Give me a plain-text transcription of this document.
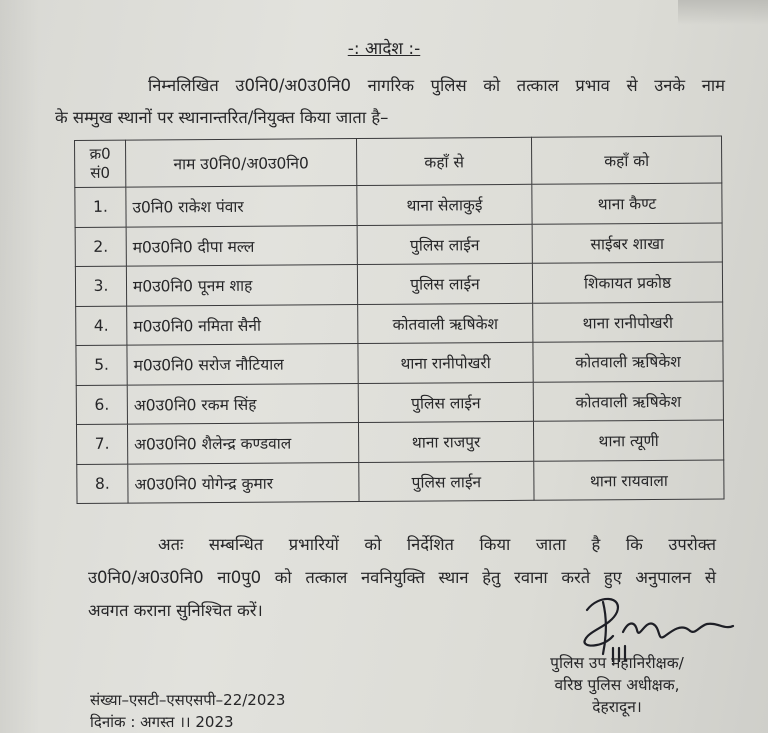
-: आदेश :-
निम्नलिखित उ0नि0/अ0उ0नि0 नागरिक पुलिस को तत्काल प्रभाव से उनके नाम
के सम्मुख स्थानों पर स्थानान्तरित/नियुक्त किया जाता है–
क्र0
सं0	नाम उ0नि0/अ0उ0नि0	कहाँ से	कहाँ को
1.	उ0नि0 राकेश पंवार	थाना सेलाकुई	थाना कैण्ट
2.	म0उ0नि0 दीपा मल्ल	पुलिस लाईन	साईबर शाखा
3.	म0उ0नि0 पूनम शाह	पुलिस लाईन	शिकायत प्रकोष्ठ
4.	म0उ0नि0 नमिता सैनी	कोतवाली ऋषिकेश	थाना रानीपोखरी
5.	म0उ0नि0 सरोज नौटियाल	थाना रानीपोखरी	कोतवाली ऋषिकेश
6.	अ0उ0नि0 रकम सिंह	पुलिस लाईन	कोतवाली ऋषिकेश
7.	अ0उ0नि0 शैलेन्द्र कण्डवाल	थाना राजपुर	थाना त्यूणी
8.	अ0उ0नि0 योगेन्द्र कुमार	पुलिस लाईन	थाना रायवाला
अतः सम्बन्धित प्रभारियों को निर्देशित किया जाता है कि उपरोक्त
उ0नि0/अ0उ0नि0 ना0पु0 को तत्काल नवनियुक्ति स्थान हेतु रवाना करते हुए अनुपालन से
अवगत कराना सुनिश्चित करें।
पुलिस उप महानिरीक्षक/
वरिष्ठ पुलिस अधीक्षक,
देहरादून।
संख्या–एसटी–एसएसपी–22/2023
दिनांक : अगस्त ।। 2023
